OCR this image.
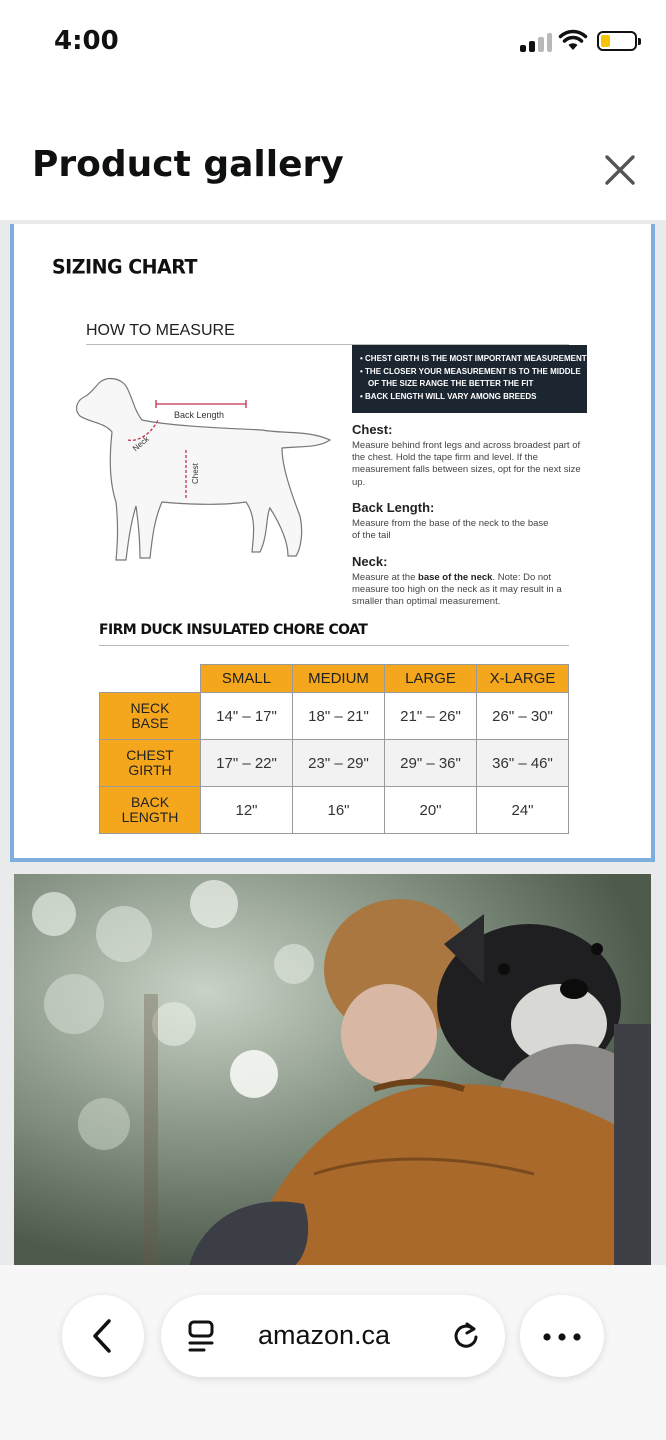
4:00
Product gallery
SIZING CHART
HOW TO MEASURE
Back Length
Neck
Chest
• CHEST GIRTH IS THE MOST IMPORTANT MEASUREMENT
• THE CLOSER YOUR MEASUREMENT IS TO THE MIDDLE
OF THE SIZE RANGE THE BETTER THE FIT
• BACK LENGTH WILL VARY AMONG BREEDS
Chest:
Measure behind front legs and across broadest part of the chest. Hold the tape firm and level. If the measurement falls between sizes, opt for the next size up.
Back Length:
Measure from the base of the neck to the base of the tail
Neck:
Measure at the base of the neck. Note: Do not measure too high on the neck as it may result in a smaller than optimal measurement.
FIRM DUCK INSULATED CHORE COAT
	SMALL	MEDIUM	LARGE	X-LARGE
NECK
BASE	14" – 17"	18" – 21"	21" – 26"	26" – 30"
CHEST
GIRTH	17" – 22"	23" – 29"	29" – 36"	36" – 46"
BACK
LENGTH	12"	16"	20"	24"
amazon.ca
